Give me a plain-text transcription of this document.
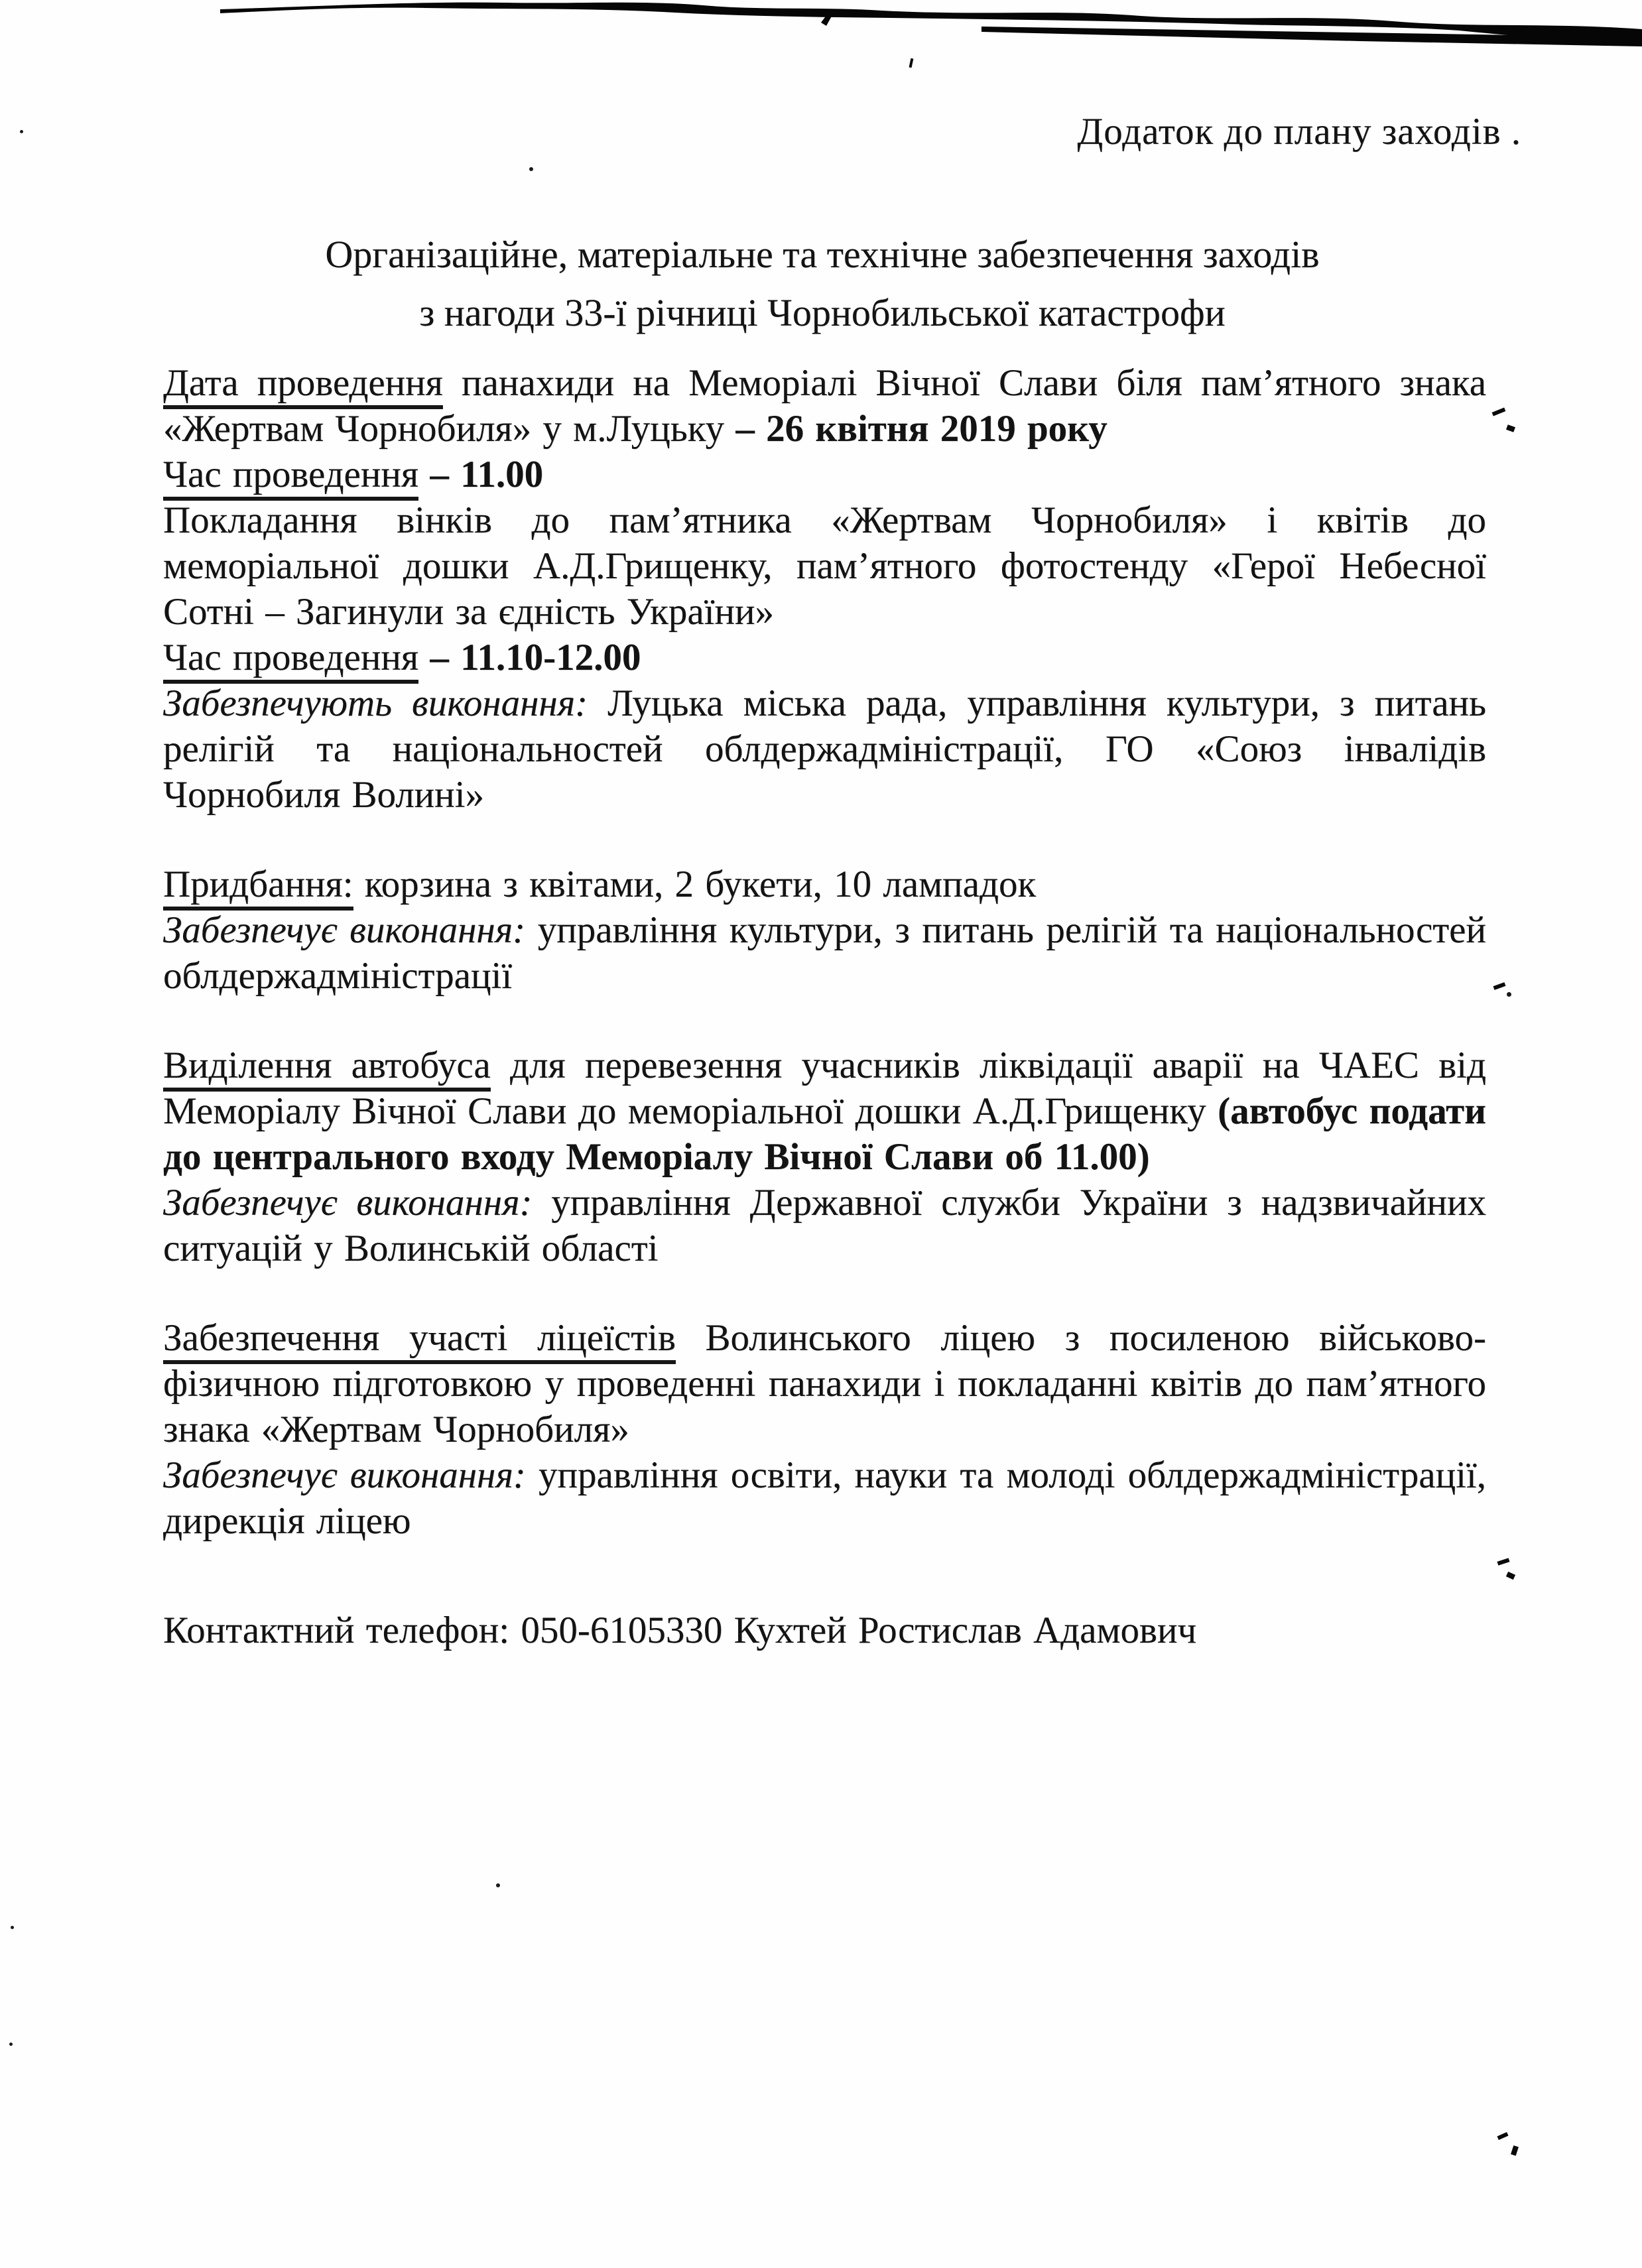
Додаток до плану заходів .
Організаційне, матеріальне та технічне забезпечення заходів
з нагоди 33-ї річниці Чорнобильської катастрофи

Дата проведення панахиди на Меморіалі Вічної Слави біля пам’ятного знака «Жертвам Чорнобиля» у м.Луцьку – 26 квітня 2019 року

Час проведення – 11.00

Покладання вінків до пам’ятника «Жертвам Чорнобиля» і квітів до меморіальної дошки А.Д.Грищенку, пам’ятного фотостенду «Герої Небесної Сотні – Загинули за єдність України»

Час проведення – 11.10-12.00

Забезпечують виконання: Луцька міська рада, управління культури, з питань релігій та національностей облдержадміністрації, ГО «Союз інвалідів Чорнобиля Волині»

Придбання: корзина з квітами, 2 букети, 10 лампадок

Забезпечує виконання: управління культури, з питань релігій та національностей облдержадміністрації

Виділення автобуса для перевезення учасників ліквідації аварії на ЧАЕС від Меморіалу Вічної Слави до меморіальної дошки А.Д.Грищенку (автобус подати до центрального входу Меморіалу Вічної Слави об 11.00)

Забезпечує виконання: управління Державної служби України з надзвичайних ситуацій у Волинській області

Забезпечення участі ліцеїстів Волинського ліцею з посиленою військово-фізичною підготовкою у проведенні панахиди і покладанні квітів до пам’ятного знака «Жертвам Чорнобиля»

Забезпечує виконання: управління освіти, науки та молоді облдержадміністрації, дирекція ліцею

Контактний телефон: 050-6105330 Кухтей Ростислав Адамович
